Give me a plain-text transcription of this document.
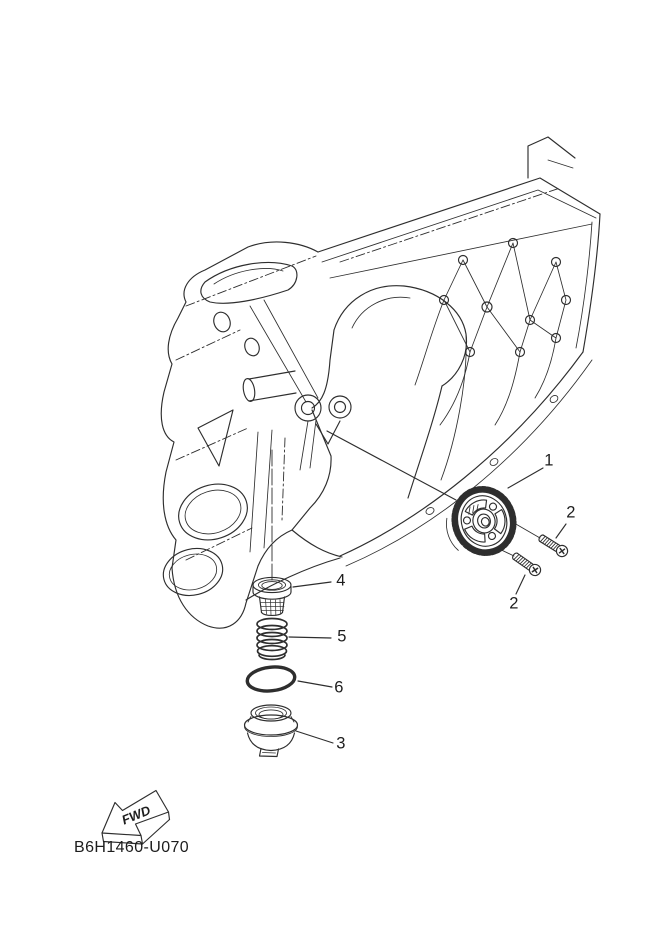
FWD
1
2
2
4
5
6
3
B6H1460-U070
